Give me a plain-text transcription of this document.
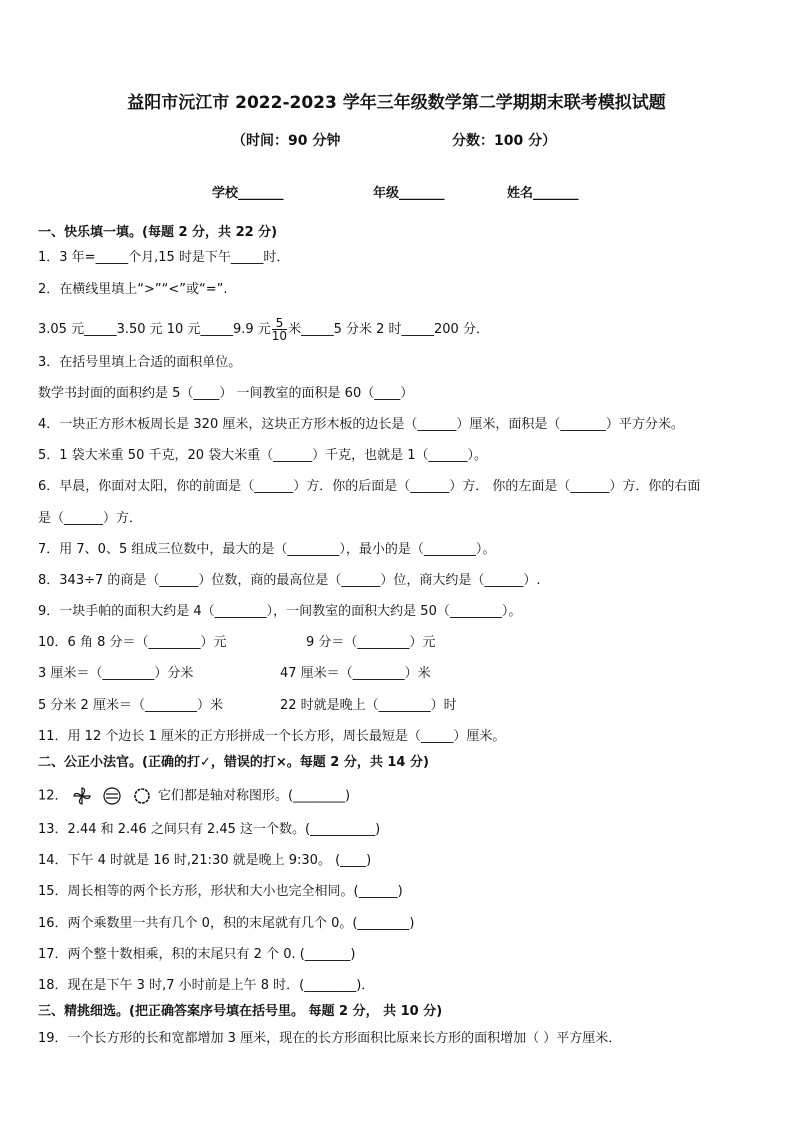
益阳市沅江市 2022-2023 学年三年级数学第二学期期末联考模拟试题
（时间：90 分钟	分数：100 分）
学校_______	年级_______	姓名_______
一、快乐填一填。(每题 2 分，共 22 分)
1．3 年=_____个月,15 时是下午_____时．
2．在横线里填上“>”“<”或“=”.
3.05 元_____3.50 元 10 元_____9.9 元 $\frac{5}{10}$ 米_____5 分米 2 时_____200 分．
3．在括号里填上合适的面积单位。
数学书封面的面积约是 5（____） 一间教室的面积是 60（____）
4．一块正方形木板周长是 320 厘米，这块正方形木板的边长是（______）厘米，面积是（_______）平方分米。
5．1 袋大米重 50 千克，20 袋大米重（______）千克，也就是 1（______）。
6．早晨，你面对太阳，你的前面是（______）方．你的后面是（______）方． 你的左面是（______）方．你的右面
是（______）方．
7．用 7、0、5 组成三位数中，最大的是（________），最小的是（________）。
8．343÷7 的商是（______）位数，商的最高位是（______）位，商大约是（______）.
9．一块手帕的面积大约是 4（________），一间教室的面积大约是 50（________）。
10．6 角 8 分＝（________）元	9 分＝（________）元
3 厘米＝（________）分米	47 厘米＝（________）米
5 分米 2 厘米＝（________）米	22 时就是晚上（________）时
11．用 12 个边长 1 厘米的正方形拼成一个长方形，周长最短是（_____）厘米。
二、公正小法官。(正确的打✓，错误的打×。每题 2 分，共 14 分)
12．	它们都是轴对称图形。(________)
13．2.44 和 2.46 之间只有 2.45 这一个数。(__________)
14．下午 4 时就是 16 时,21:30 就是晚上 9:30。 (____)
15．周长相等的两个长方形，形状和大小也完全相同。(______)
16．两个乘数里一共有几个 0，积的末尾就有几个 0。(________)
17．两个整十数相乘，积的末尾只有 2 个 0. (_______)
18．现在是下午 3 时,7 小时前是上午 8 时．(________)．
三、精挑细选。(把正确答案序号填在括号里。 每题 2 分， 共 10 分)
19．一个长方形的长和宽都增加 3 厘米，现在的长方形面积比原来长方形的面积增加（ ）平方厘米．
